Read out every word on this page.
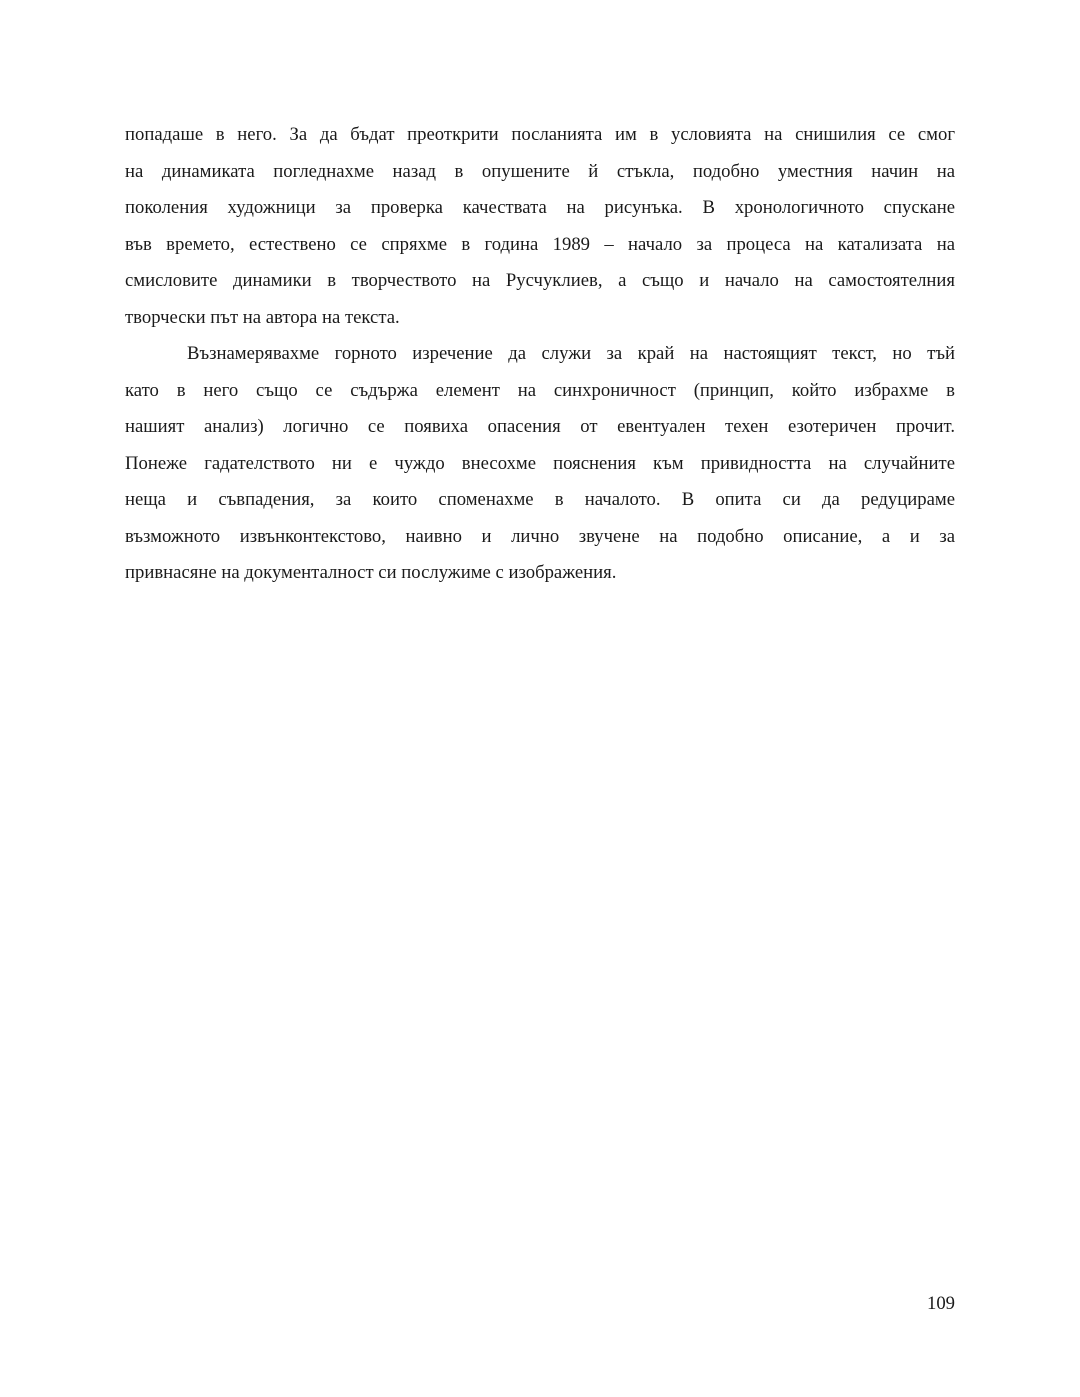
попадаше в него. За да бъдат преоткрити посланията им в условията на снишилия се смог
на динамиката погледнахме назад в опушените й стъкла, подобно уместния начин на
поколения художници за проверка качествата на рисунъка. В хронологичното спускане
във времето, естествено се спряхме в година 1989 – начало за процеса на катализата на
смисловите динамики в творчеството на Русчуклиев, а също и начало на самостоятелния
творчески път на автора на текста.

Възнамерявахме горното изречение да служи за край на настоящият текст, но тъй
като в него също се съдържа елемент на синхроничност (принцип, който избрахме в
нашият анализ) логично се появиха опасения от евентуален техен езотеричен прочит.
Понеже гадателството ни е чуждо внесохме пояснения към привидността на случайните
неща и съвпадения, за които споменахме в началото. В опита си да редуцираме
възможното извънконтекстово, наивно и лично звучене на подобно описание, а и за
привнасяне на документалност си послужиме с изображения.

109
